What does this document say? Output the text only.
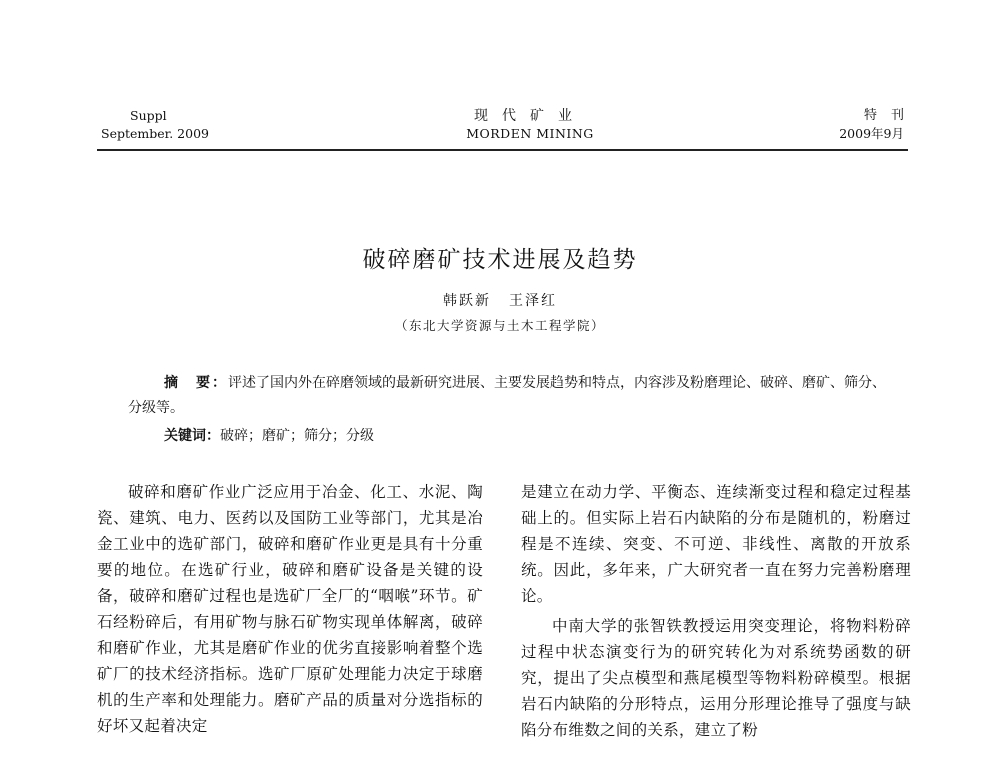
Suppl
September. 2009
现代矿业
MORDEN MINING
特刊
2009年9月
破碎磨矿技术进展及趋势
韩跃新 王泽红
（东北大学资源与土木工程学院）
摘　要：评述了国内外在碎磨领域的最新研究进展、主要发展趋势和特点，内容涉及粉磨理论、破碎、磨矿、筛分、分级等。
关键词：破碎；磨矿；筛分；分级

破碎和磨矿作业广泛应用于冶金、化工、水泥、陶瓷、建筑、电力、医药以及国防工业等部门，尤其是冶金工业中的选矿部门，破碎和磨矿作业更是具有十分重要的地位。在选矿行业，破碎和磨矿设备是关键的设备，破碎和磨矿过程也是选矿厂全厂的“咽喉”环节。矿石经粉碎后，有用矿物与脉石矿物实现单体解离，破碎和磨矿作业，尤其是磨矿作业的优劣直接影响着整个选矿厂的技术经济指标。选矿厂原矿处理能力决定于球磨机的生产率和处理能力。磨矿产品的质量对分选指标的好坏又起着决定

是建立在动力学、平衡态、连续渐变过程和稳定过程基础上的。但实际上岩石内缺陷的分布是随机的，粉磨过程是不连续、突变、不可逆、非线性、离散的开放系统。因此，多年来，广大研究者一直在努力完善粉磨理论。

中南大学的张智铁教授运用突变理论，将物料粉碎过程中状态演变行为的研究转化为对系统势函数的研究，提出了尖点模型和燕尾模型等物料粉碎模型。根据岩石内缺陷的分形特点，运用分形理论推导了强度与缺陷分布维数之间的关系，建立了粉
